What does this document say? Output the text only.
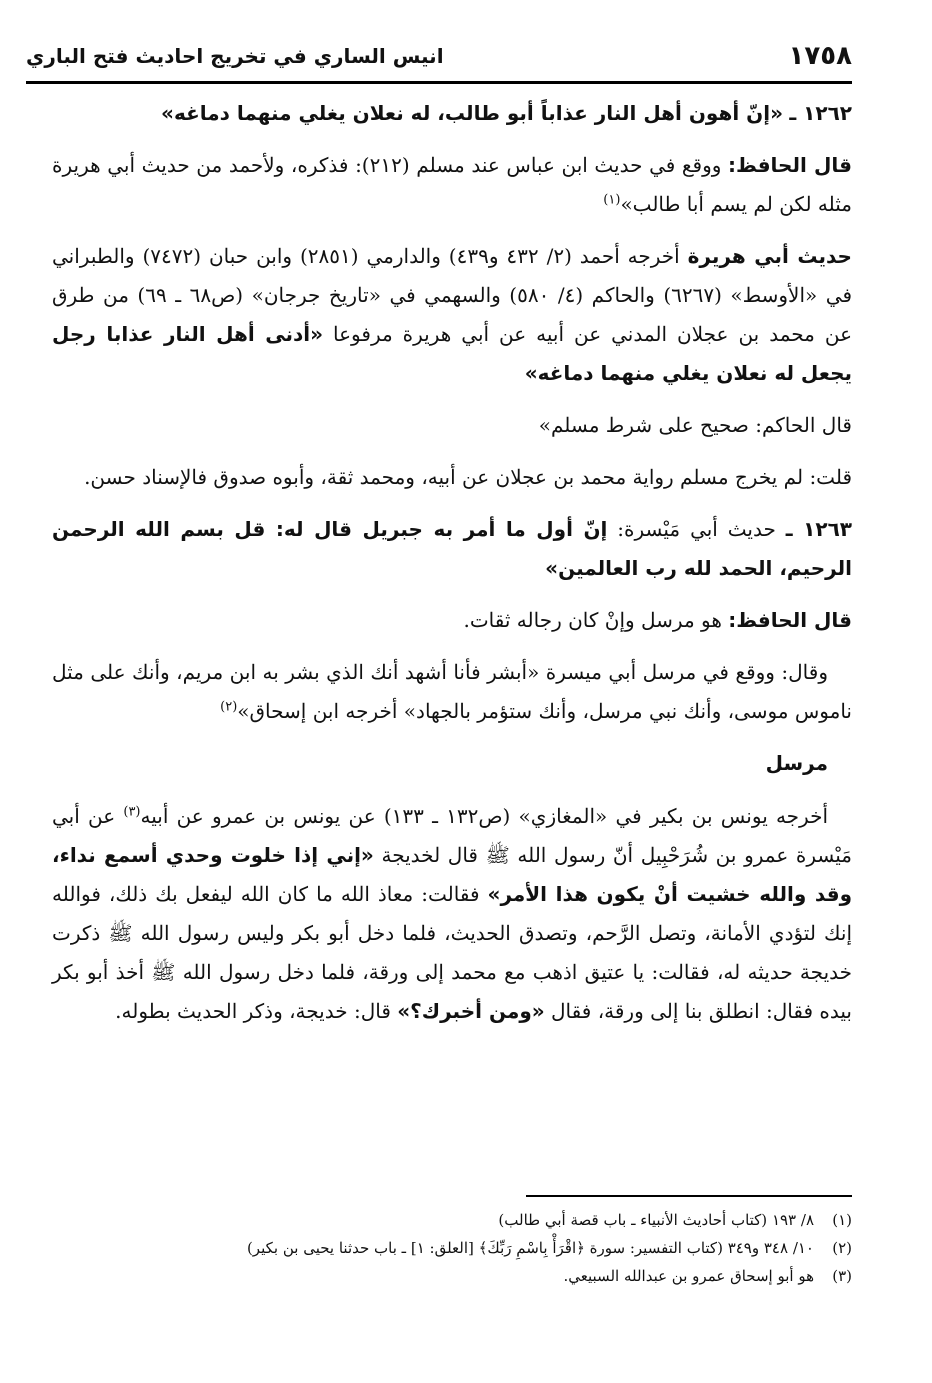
١٧٥٨
انيس الساري في تخريج احاديث فتح الباري

١٢٦٢ ـ «إنّ أهون أهل النار عذاباً أبو طالب، له نعلان يغلي منهما دماغه»

قال الحافظ: ووقع في حديث ابن عباس عند مسلم (٢١٢): فذكره، ولأحمد من حديث أبي هريرة مثله لكن لم يسم أبا طالب»$^{(١)}$

حديث أبي هريرة أخرجه أحمد (٢/ ٤٣٢ و٤٣٩) والدارمي (٢٨٥١) وابن حبان (٧٤٧٢) والطبراني في «الأوسط» (٦٢٦٧) والحاكم (٤/ ٥٨٠) والسهمي في «تاريخ جرجان» (ص٦٨ ـ ٦٩) من طرق عن محمد بن عجلان المدني عن أبيه عن أبي هريرة مرفوعا «أدنى أهل النار عذابا رجل يجعل له نعلان يغلي منهما دماغه»

قال الحاكم: صحيح على شرط مسلم»

قلت: لم يخرج مسلم رواية محمد بن عجلان عن أبيه، ومحمد ثقة، وأبوه صدوق فالإسناد حسن.

١٢٦٣ ـ حديث أبي مَيْسرة: إنّ أول ما أمر به جبريل قال له: قل بسم الله الرحمن الرحيم، الحمد لله رب العالمين»

قال الحافظ: هو مرسل وإنْ كان رجاله ثقات.

وقال: ووقع في مرسل أبي ميسرة «أبشر فأنا أشهد أنك الذي بشر به ابن مريم، وأنك على مثل ناموس موسى، وأنك نبي مرسل، وأنك ستؤمر بالجهاد» أخرجه ابن إسحاق»$^{(٢)}$

مرسل

أخرجه يونس بن بكير في «المغازي» (ص١٣٢ ـ ١٣٣) عن يونس بن عمرو عن أبيه$^{(٣)}$ عن أبي مَيْسرة عمرو بن شُرَحْبِيل أنّ رسول الله ﷺ قال لخديجة «إني إذا خلوت وحدي أسمع نداء، وقد والله خشيت أنْ يكون هذا الأمر» فقالت: معاذ الله ما كان الله ليفعل بك ذلك، فوالله إنك لتؤدي الأمانة، وتصل الرَّحم، وتصدق الحديث، فلما دخل أبو بكر وليس رسول الله ﷺ ذكرت خديجة حديثه له، فقالت: يا عتيق اذهب مع محمد إلى ورقة، فلما دخل رسول الله ﷺ أخذ أبو بكر بيده فقال: انطلق بنا إلى ورقة، فقال «ومن أخبرك؟» قال: خديجة، وذكر الحديث بطوله.

(١)
٨/ ١٩٣ (كتاب أحاديث الأنبياء ـ باب قصة أبي طالب)
(٢)
١٠/ ٣٤٨ و٣٤٩ (كتاب التفسير: سورة ﴿اقْرَأْ بِاسْمِ رَبِّكَ﴾ [العلق: ١] ـ باب حدثنا يحيى بن بكير)
(٣)
هو أبو إسحاق عمرو بن عبدالله السبيعي.
